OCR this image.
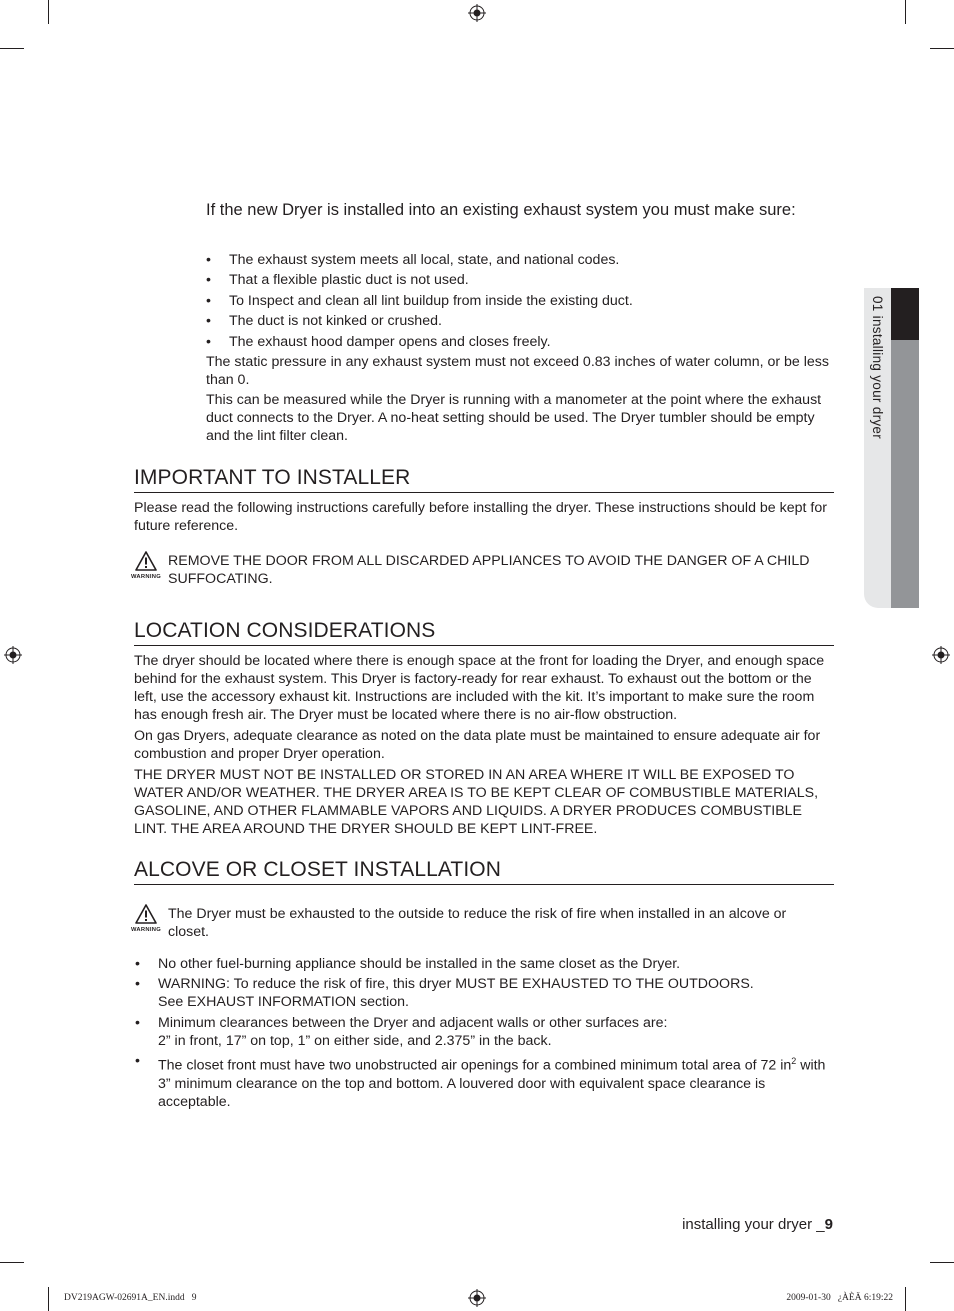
01 installing your dryer
If the new Dryer is installed into an existing exhaust system you must make sure:
• The exhaust system meets all local, state, and national codes.
• That a flexible plastic duct is not used.
• To Inspect and clean all lint buildup from inside the existing duct.
• The duct is not kinked or crushed.
• The exhaust hood damper opens and closes freely.

The static pressure in any exhaust system must not exceed 0.83 inches of water column, or be less than 0.

This can be measured while the Dryer is running with a manometer at the point where the exhaust duct connects to the Dryer. A no-heat setting should be used. The Dryer tumbler should be empty and the lint filter clean.

IMPORTANT TO INSTALLER

Please read the following instructions carefully before installing the dryer. These instructions should be kept for future reference.

WARNING

REMOVE THE DOOR FROM ALL DISCARDED APPLIANCES TO AVOID THE DANGER OF A CHILD SUFFOCATING.

LOCATION CONSIDERATIONS

The dryer should be located where there is enough space at the front for loading the Dryer, and enough space behind for the exhaust system. This Dryer is factory-ready for rear exhaust. To exhaust out the bottom or the left, use the accessory exhaust kit. Instructions are included with the kit. It’s important to make sure the room has enough fresh air. The Dryer must be located where there is no air-flow obstruction.

On gas Dryers, adequate clearance as noted on the data plate must be maintained to ensure adequate air for combustion and proper Dryer operation.

THE DRYER MUST NOT BE INSTALLED OR STORED IN AN AREA WHERE IT WILL BE EXPOSED TO WATER AND/OR WEATHER. THE DRYER AREA IS TO BE KEPT CLEAR OF COMBUSTIBLE MATERIALS, GASOLINE, AND OTHER FLAMMABLE VAPORS AND LIQUIDS. A DRYER PRODUCES COMBUSTIBLE LINT. THE AREA AROUND THE DRYER SHOULD BE KEPT LINT-FREE.

ALCOVE OR CLOSET INSTALLATION
WARNING

The Dryer must be exhausted to the outside to reduce the risk of fire when installed in an alcove or closet.

• No other fuel-burning appliance should be installed in the same closet as the Dryer.
• WARNING: To reduce the risk of fire, this dryer MUST BE EXHAUSTED TO THE OUTDOORS.
See EXHAUST INFORMATION section.
• Minimum clearances between the Dryer and adjacent walls or other surfaces are:
2” in front, 17” on top, 1” on either side, and 2.375” in the back.
• The closet front must have two unobstructed air openings for a combined minimum total area of 72 $in^2$ with 3” minimum clearance on the top and bottom. A louvered door with equivalent space clearance is acceptable.
installing your dryer _9
DV219AGW-02691A_EN.indd   9	2009-01-30   ¿ÀÈÄ 6:19:22
